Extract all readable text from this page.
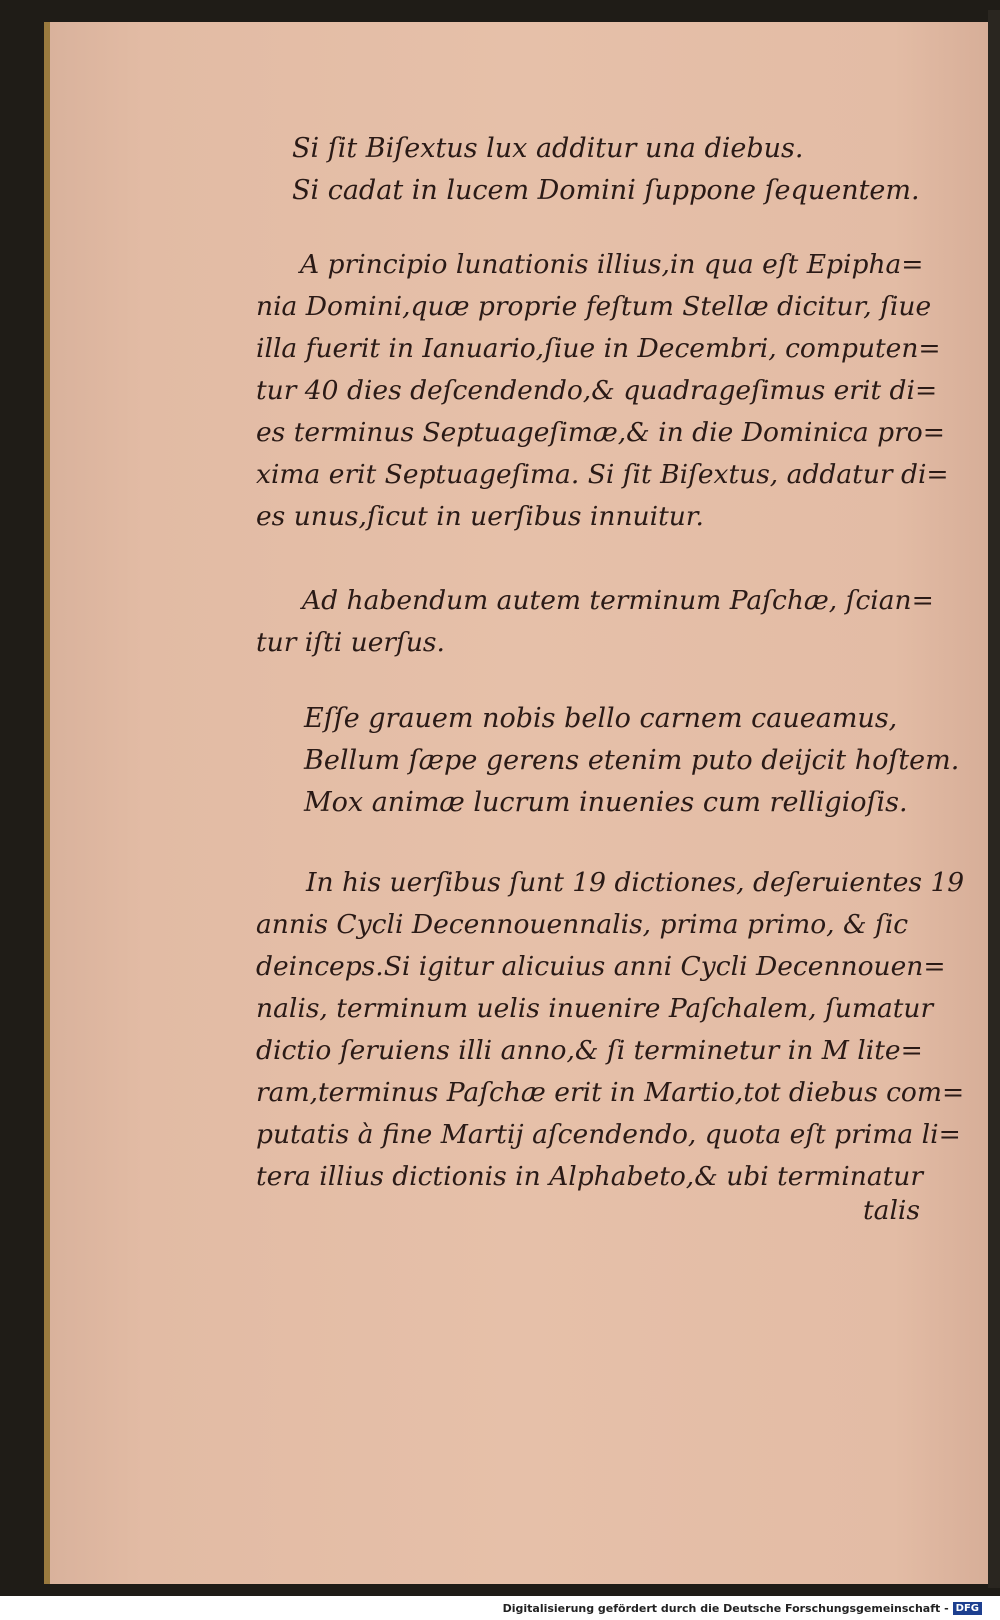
Si ſit Biſextus lux additur una diebus.
Si cadat in lucem Domini ſuppone ſequentem.
A principio lunationis illius,in qua eſt Epipha=
nia Domini,quæ proprie feſtum Stellæ dicitur, ſiue
illa fuerit in Ianuario,ſiue in Decembri, computen=
tur 40 dies deſcendendo,& quadrageſimus erit di=
es terminus Septuageſimæ,& in die Dominica pro=
xima erit Septuageſima. Si ſit Biſextus, addatur di=
es unus,ſicut in uerſibus innuitur.
Ad habendum autem terminum Paſchæ, ſcian=
tur iſti uerſus.
Eſſe grauem nobis bello carnem caueamus,
Bellum ſæpe gerens etenim puto deijcit hoſtem.
Mox animæ lucrum inuenies cum relligioſis.
In his uerſibus ſunt 19 dictiones, deſeruientes 19
annis Cycli Decennouennalis, prima primo, & ſic
deinceps.Si igitur alicuius anni Cycli Decennouen=
nalis, terminum uelis inuenire Paſchalem, ſumatur
dictio ſeruiens illi anno,& ſi terminetur in M lite=
ram,terminus Paſchæ erit in Martio,tot diebus com=
putatis à fine Martij aſcendendo, quota eſt prima li=
tera illius dictionis in Alphabeto,& ubi terminatur
talis
Digitalisierung gefördert durch die Deutsche Forschungsgemeinschaft - DFG
